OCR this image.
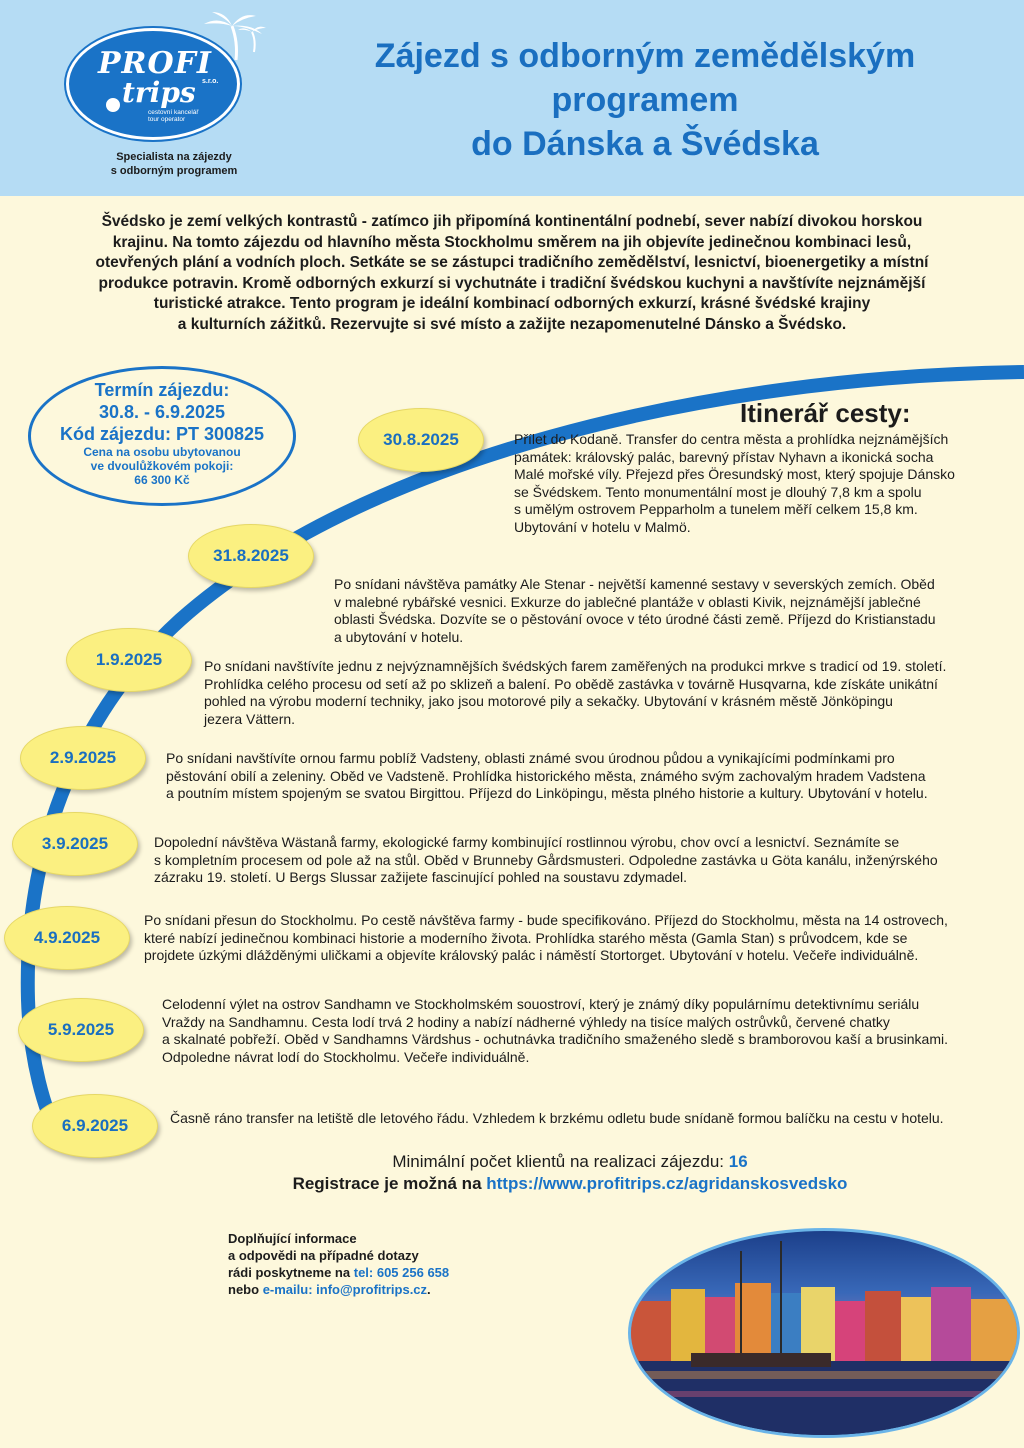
PROFI
trips s.r.o.
cestovní kancelář
tour operator
Specialista na zájezdy
s odborným programem
Zájezd s odborným zemědělským
programem
do Dánska a Švédska
Švédsko je zemí velkých kontrastů - zatímco jih připomíná kontinentální podnebí, sever nabízí divokou horskou
krajinu. Na tomto zájezdu od hlavního města Stockholmu směrem na jih objevíte jedinečnou kombinaci lesů,
otevřených plání a vodních ploch. Setkáte se se zástupci tradičního zemědělství, lesnictví, bioenergetiky a místní
produkce potravin. Kromě odborných exkurzí si vychutnáte i tradiční švédskou kuchyni a navštívíte nejznámější
turistické atrakce. Tento program je ideální kombinací odborných exkurzí, krásné švédské krajiny
a kulturních zážitků. Rezervujte si své místo a zažijte nezapomenutelné Dánsko a Švédsko.
Termín zájezdu:
30.8. - 6.9.2025
Kód zájezdu: PT 300825
Cena na osobu ubytovanou
ve dvoulůžkovém pokoji:
66 300 Kč
Itinerář cesty:
30.8.2025	Přílet do Kodaně. Transfer do centra města a prohlídka nejznámějších
památek: královský palác, barevný přístav Nyhavn a ikonická socha
Malé mořské víly. Přejezd přes Öresundský most, který spojuje Dánsko
se Švédskem. Tento monumentální most je dlouhý 7,8 km a spolu
s umělým ostrovem Pepparholm a tunelem měří celkem 15,8 km.
Ubytování v hotelu v Malmö.
31.8.2025
Po snídani návštěva památky Ale Stenar - největší kamenné sestavy v severských zemích. Oběd
v malebné rybářské vesnici. Exkurze do jablečné plantáže v oblasti Kivik, nejznámější jablečné
oblasti Švédska. Dozvíte se o pěstování ovoce v této úrodné části země. Příjezd do Kristianstadu
a ubytování v hotelu.
1.9.2025	Po snídani navštívíte jednu z nejvýznamnějších švédských farem zaměřených na produkci mrkve s tradicí od 19. století.
Prohlídka celého procesu od setí až po sklizeň a balení. Po obědě zastávka v továrně Husqvarna, kde získáte unikátní
pohled na výrobu moderní techniky, jako jsou motorové pily a sekačky. Ubytování v krásném městě Jönköpingu
jezera Vättern.
2.9.2025	Po snídani navštívíte ornou farmu poblíž Vadsteny, oblasti známé svou úrodnou půdou a vynikajícími podmínkami pro
pěstování obilí a zeleniny. Oběd ve Vadsteně. Prohlídka historického města, známého svým zachovalým hradem Vadstena
a poutním místem spojeným se svatou Birgittou. Příjezd do Linköpingu, města plného historie a kultury. Ubytování v hotelu.
3.9.2025	Dopolední návštěva Wästanå farmy, ekologické farmy kombinující rostlinnou výrobu, chov ovcí a lesnictví. Seznámíte se
s kompletním procesem od pole až na stůl. Oběd v Brunneby Gårdsmusteri. Odpoledne zastávka u Göta kanálu, inženýrského
zázraku 19. století. U Bergs Slussar zažijete fascinující pohled na soustavu zdymadel.
4.9.2025
Po snídani přesun do Stockholmu. Po cestě návštěva farmy - bude specifikováno. Příjezd do Stockholmu, města na 14 ostrovech,
které nabízí jedinečnou kombinaci historie a moderního života. Prohlídka starého města (Gamla Stan) s průvodcem, kde se
projdete úzkými dlážděnými uličkami a objevíte královský palác i náměstí Stortorget. Ubytování v hotelu. Večeře individuálně.
5.9.2025
Celodenní výlet na ostrov Sandhamn ve Stockholmském souostroví, který je známý díky populárnímu detektivnímu seriálu
Vraždy na Sandhamnu. Cesta lodí trvá 2 hodiny a nabízí nádherné výhledy na tisíce malých ostrůvků, červené chatky
a skalnaté pobřeží. Oběd v Sandhamns Värdshus - ochutnávka tradičního smaženého sledě s bramborovou kaší a brusinkami.
Odpoledne návrat lodí do Stockholmu. Večeře individuálně.
6.9.2025	Časně ráno transfer na letiště dle letového řádu. Vzhledem k brzkému odletu bude snídaně formou balíčku na cestu v hotelu.
Minimální počet klientů na realizaci zájezdu: 16
Registrace je možná na https://www.profitrips.cz/agridanskosvedsko
Doplňující informace
a odpovědi na případné dotazy
rádi poskytneme na tel: 605 256 658
nebo e-mailu: info@profitrips.cz.
